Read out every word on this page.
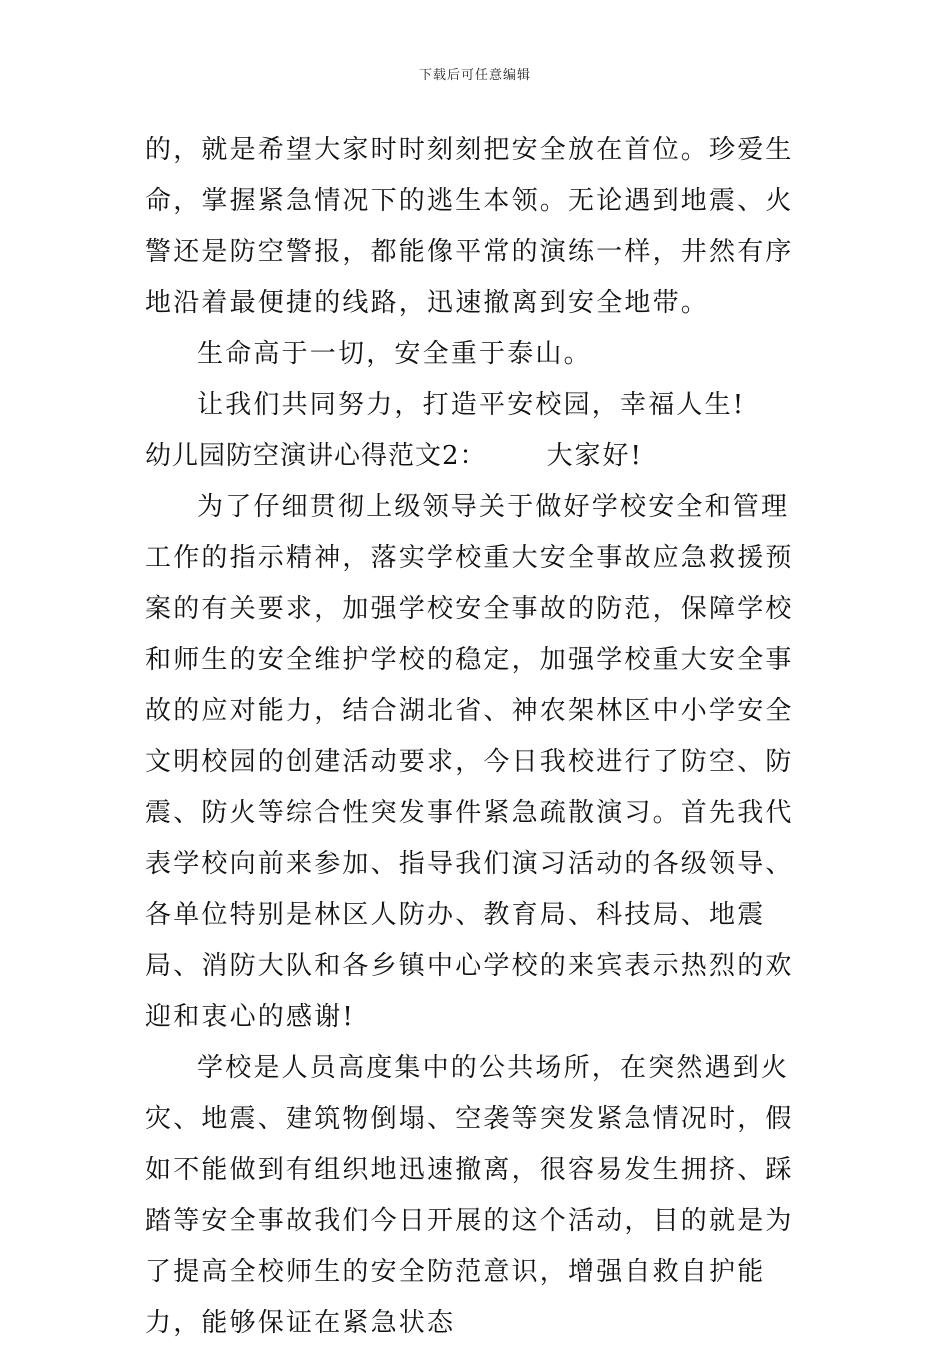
下载后可任意编辑

的，就是希望大家时时刻刻把安全放在首位。珍爱生命，掌握紧急情况下的逃生本领。无论遇到地震、火警还是防空警报，都能像平常的演练一样，井然有序地沿着最便捷的线路，迅速撤离到安全地带。

生命高于一切，安全重于泰山。

让我们共同努力，打造平安校园，幸福人生!

幼儿园防空演讲心得范文2： 大家好!

为了仔细贯彻上级领导关于做好学校安全和管理工作的指示精神，落实学校重大安全事故应急救援预案的有关要求，加强学校安全事故的防范，保障学校和师生的安全维护学校的稳定，加强学校重大安全事故的应对能力，结合湖北省、神农架林区中小学安全文明校园的创建活动要求，今日我校进行了防空、防震、防火等综合性突发事件紧急疏散演习。首先我代表学校向前来参加、指导我们演习活动的各级领导、各单位特别是林区人防办、教育局、科技局、地震局、消防大队和各乡镇中心学校的来宾表示热烈的欢迎和衷心的感谢!

学校是人员高度集中的公共场所，在突然遇到火灾、地震、建筑物倒塌、空袭等突发紧急情况时，假如不能做到有组织地迅速撤离，很容易发生拥挤、踩踏等安全事故我们今日开展的这个活动，目的就是为了提高全校师生的安全防范意识，增强自救自护能力，能够保证在紧急状态
